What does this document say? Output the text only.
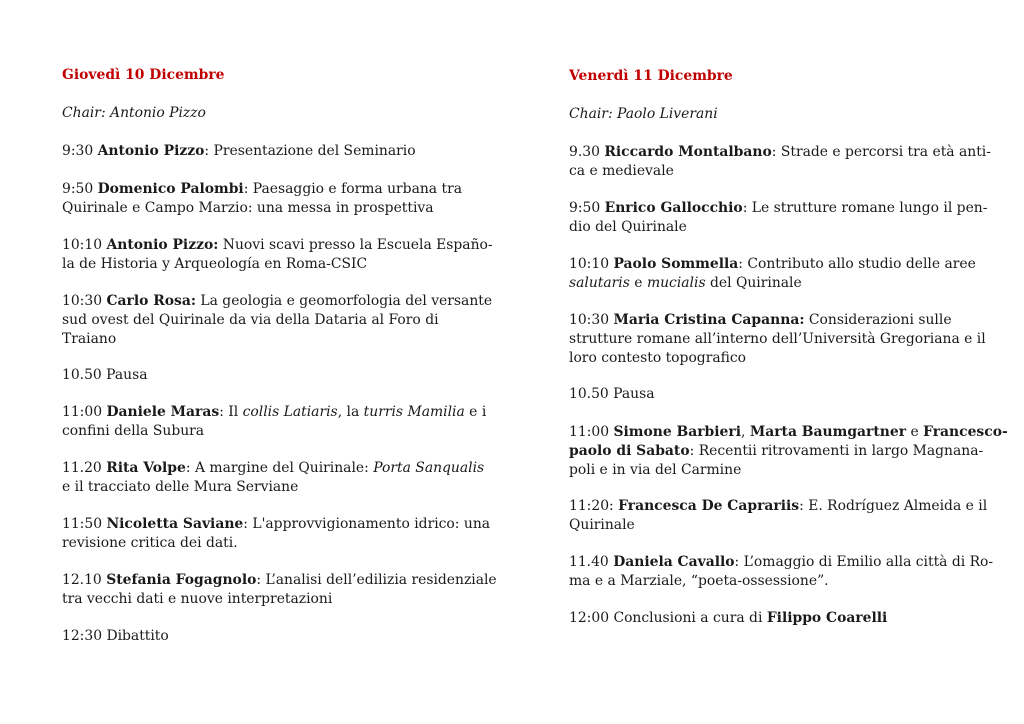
Giovedì 10 Dicembre
Chair: Antonio Pizzo
9:30 Antonio Pizzo: Presentazione del Seminario
9:50 Domenico Palombi: Paesaggio e forma urbana tra
Quirinale e Campo Marzio: una messa in prospettiva
10:10 Antonio Pizzo: Nuovi scavi presso la Escuela Españo-
la de Historia y Arqueología en Roma-CSIC
10:30 Carlo Rosa: La geologia e geomorfologia del versante
sud ovest del Quirinale da via della Dataria al Foro di
Traiano
10.50 Pausa
11:00 Daniele Maras: Il collis Latiaris, la turris Mamilia e i
confini della Subura
11.20 Rita Volpe: A margine del Quirinale: Porta Sanqualis
e il tracciato delle Mura Serviane
11:50 Nicoletta Saviane: L'approvvigionamento idrico: una
revisione critica dei dati.
12.10 Stefania Fogagnolo: L’analisi dell’edilizia residenziale
tra vecchi dati e nuove interpretazioni
12:30 Dibattito
Venerdì 11 Dicembre
Chair: Paolo Liverani
9.30 Riccardo Montalbano: Strade e percorsi tra età anti-
ca e medievale
9:50 Enrico Gallocchio: Le strutture romane lungo il pen-
dio del Quirinale
10:10 Paolo Sommella: Contributo allo studio delle aree
salutaris e mucialis del Quirinale
10:30 Maria Cristina Capanna: Considerazioni sulle
strutture romane all’interno dell’Università Gregoriana e il
loro contesto topografico
10.50 Pausa
11:00 Simone Barbieri, Marta Baumgartner e Francesco-
paolo di Sabato: Recentii ritrovamenti in largo Magnana-
poli e in via del Carmine
11:20: Francesca De Caprariis: E. Rodríguez Almeida e il
Quirinale
11.40 Daniela Cavallo: L’omaggio di Emilio alla città di Ro-
ma e a Marziale, “poeta-ossessione”.
12:00 Conclusioni a cura di Filippo Coarelli
